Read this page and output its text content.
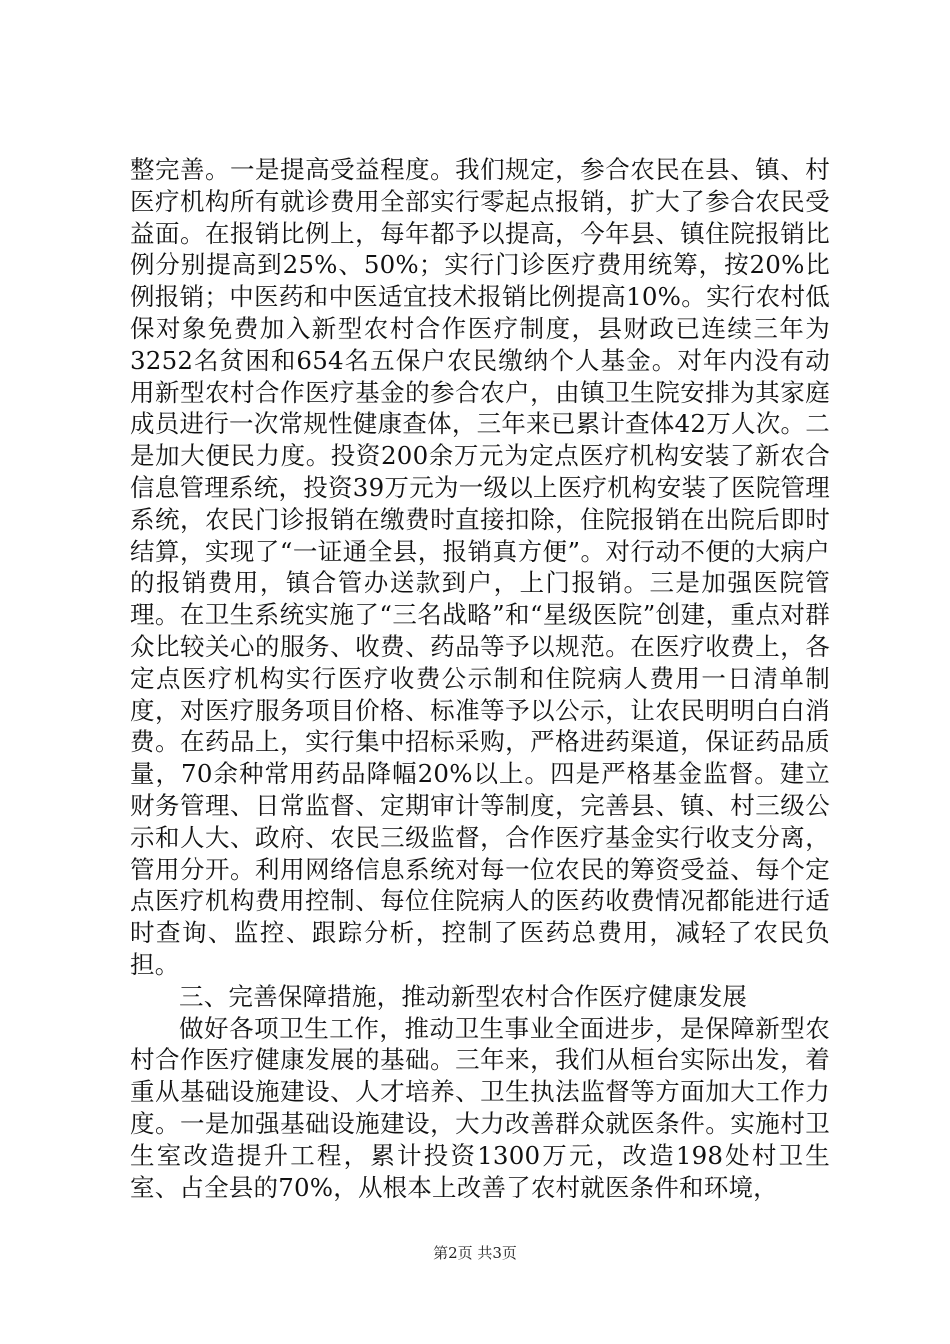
整完善。一是提高受益程度。我们规定，参合农民在县、镇、村医疗机构所有就诊费用全部实行零起点报销，扩大了参合农民受益面。在报销比例上，每年都予以提高，今年县、镇住院报销比例分别提高到25%、50%；实行门诊医疗费用统筹，按20%比例报销；中医药和中医适宜技术报销比例提高10%。实行农村低保对象免费加入新型农村合作医疗制度，县财政已连续三年为3252名贫困和654名五保户农民缴纳个人基金。对年内没有动用新型农村合作医疗基金的参合农户，由镇卫生院安排为其家庭成员进行一次常规性健康查体，三年来已累计查体42万人次。二是加大便民力度。投资200余万元为定点医疗机构安装了新农合信息管理系统，投资39万元为一级以上医疗机构安装了医院管理系统，农民门诊报销在缴费时直接扣除，住院报销在出院后即时结算，实现了“一证通全县，报销真方便”。对行动不便的大病户的报销费用，镇合管办送款到户，上门报销。三是加强医院管理。在卫生系统实施了“三名战略”和“星级医院”创建，重点对群众比较关心的服务、收费、药品等予以规范。在医疗收费上，各定点医疗机构实行医疗收费公示制和住院病人费用一日清单制度，对医疗服务项目价格、标准等予以公示，让农民明明白白消费。在药品上，实行集中招标采购，严格进药渠道，保证药品质量，70余种常用药品降幅20%以上。四是严格基金监督。建立财务管理、日常监督、定期审计等制度，完善县、镇、村三级公示和人大、政府、农民三级监督，合作医疗基金实行收支分离，管用分开。利用网络信息系统对每一位农民的筹资受益、每个定点医疗机构费用控制、每位住院病人的医药收费情况都能进行适时查询、监控、跟踪分析，控制了医药总费用，减轻了农民负担。

三、完善保障措施，推动新型农村合作医疗健康发展

做好各项卫生工作，推动卫生事业全面进步，是保障新型农村合作医疗健康发展的基础。三年来，我们从桓台实际出发，着重从基础设施建设、人才培养、卫生执法监督等方面加大工作力度。一是加强基础设施建设，大力改善群众就医条件。实施村卫生室改造提升工程，累计投资1300万元，改造198处村卫生室、占全县的70%，从根本上改善了农村就医条件和环境，

第2页 共3页
